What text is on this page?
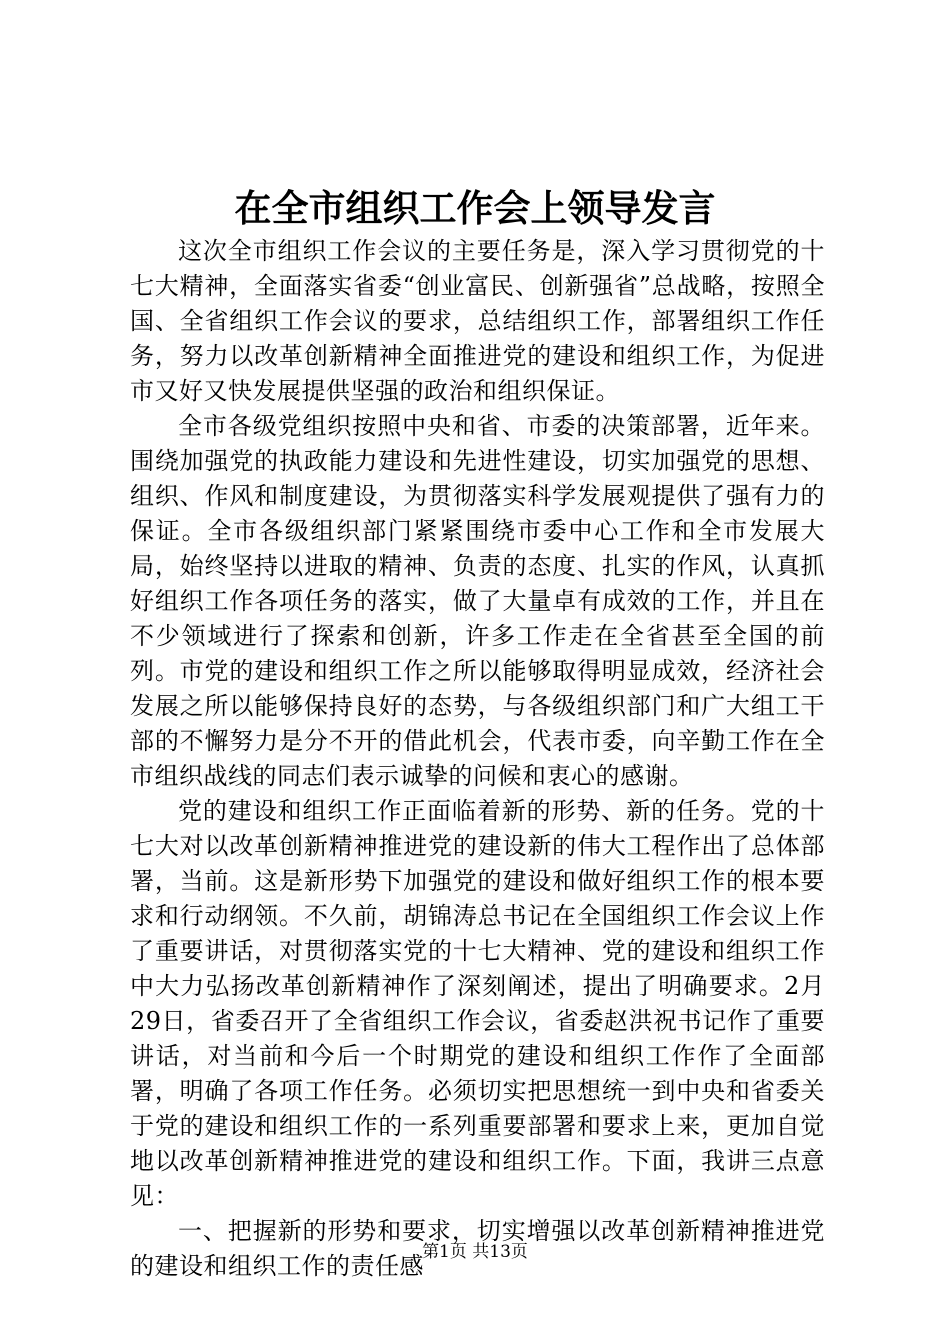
在全市组织工作会上领导发言

这次全市组织工作会议的主要任务是，深入学习贯彻党的十七大精神，全面落实省委“创业富民、创新强省”总战略，按照全国、全省组织工作会议的要求，总结组织工作，部署组织工作任务，努力以改革创新精神全面推进党的建设和组织工作，为促进市又好又快发展提供坚强的政治和组织保证。

全市各级党组织按照中央和省、市委的决策部署，近年来。围绕加强党的执政能力建设和先进性建设，切实加强党的思想、组织、作风和制度建设，为贯彻落实科学发展观提供了强有力的保证。全市各级组织部门紧紧围绕市委中心工作和全市发展大局，始终坚持以进取的精神、负责的态度、扎实的作风，认真抓好组织工作各项任务的落实，做了大量卓有成效的工作，并且在不少领域进行了探索和创新，许多工作走在全省甚至全国的前列。市党的建设和组织工作之所以能够取得明显成效，经济社会发展之所以能够保持良好的态势，与各级组织部门和广大组工干部的不懈努力是分不开的借此机会，代表市委，向辛勤工作在全市组织战线的同志们表示诚挚的问候和衷心的感谢。

党的建设和组织工作正面临着新的形势、新的任务。党的十七大对以改革创新精神推进党的建设新的伟大工程作出了总体部署，当前。这是新形势下加强党的建设和做好组织工作的根本要求和行动纲领。不久前，胡锦涛总书记在全国组织工作会议上作了重要讲话，对贯彻落实党的十七大精神、党的建设和组织工作中大力弘扬改革创新精神作了深刻阐述，提出了明确要求。2月29日，省委召开了全省组织工作会议，省委赵洪祝书记作了重要讲话，对当前和今后一个时期党的建设和组织工作作了全面部署，明确了各项工作任务。必须切实把思想统一到中央和省委关于党的建设和组织工作的一系列重要部署和要求上来，更加自觉地以改革创新精神推进党的建设和组织工作。下面，我讲三点意见：

一、把握新的形势和要求，切实增强以改革创新精神推进党的建设和组织工作的责任感

第1页 共13页
